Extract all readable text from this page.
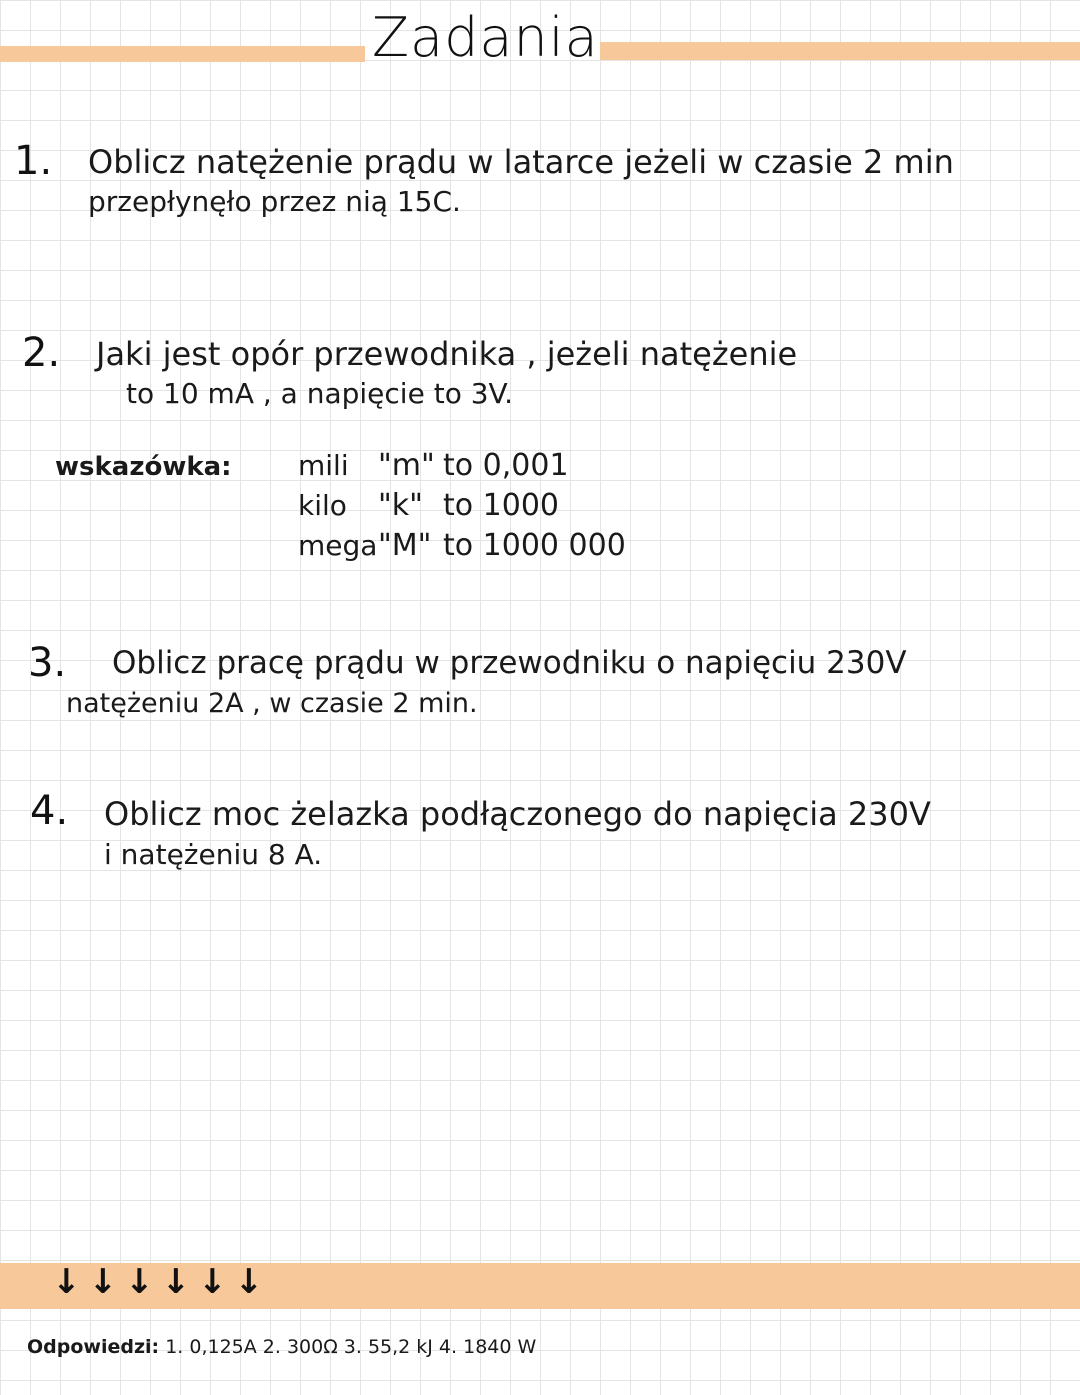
Zadania
1. Oblicz natężenie prądu w latarce jeżeli w czasie 2 min
przepłynęło przez nią 15C.
2. Jaki jest opór przewodnika , jeżeli natężenie
to 10 mA , a napięcie to 3V.
wskazówka: mili "m" to 0,001
kilo "k" to 1000
mega"M" to 1000 000
3. Oblicz pracę prądu w przewodniku o napięciu 230V
natężeniu 2A , w czasie 2 min.
4. Oblicz moc żelazka podłączonego do napięcia 230V
i natężeniu 8 A.
↓↓↓↓↓↓
Odpowiedzi: 1. 0,125A 2. 300Ω 3. 55,2 kJ 4. 1840 W
